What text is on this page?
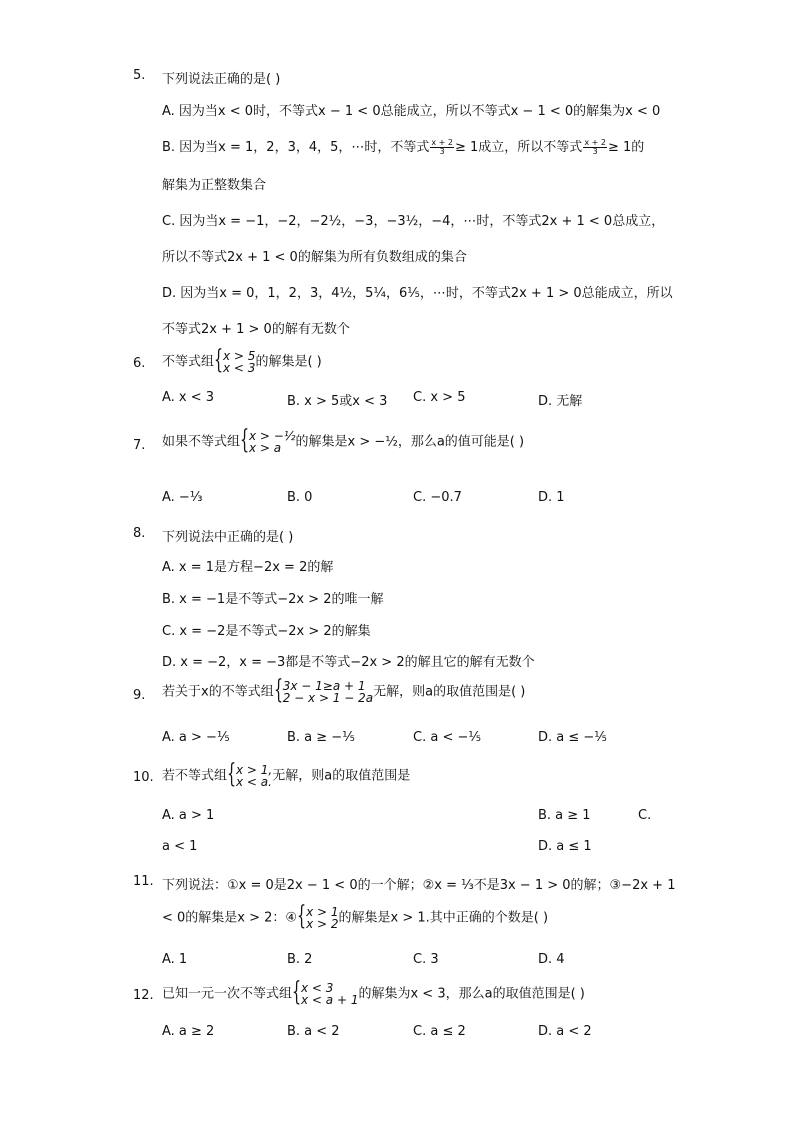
5.	下列说法正确的是( )
A. 因为当x < 0时，不等式x − 1 < 0总能成立，所以不等式x − 1 < 0的解集为x < 0
B. 因为当x = 1，2，3，4，5，⋯时，不等式 $\frac{x + 2}{3} \ge 1$成立，所以不等式 $\frac{x + 2}{3} \ge 1$的
解集为正整数集合
C. 因为当x = −1，−2，−2½，−3，−3½，−4，⋯时，不等式2x + 1 < 0总成立，
所以不等式2x + 1 < 0的解集为所有负数组成的集合
D. 因为当x = 0，1，2，3，4½，5¼，6⅕，⋯时，不等式2x + 1 > 0总能成立，所以
不等式2x + 1 > 0的解有无数个
6.	不等式组 { x > 5
x < 3 的解集是( )
A. x < 3	B. x > 5或x < 3 C. x > 5	D. 无解
7.	如果不等式组 { x > −½
x > a	的解集是x > −½，那么a的值可能是( )
A. −⅓	B. 0	C. −0.7	D. 1
8.	下列说法中正确的是( )
A. x = 1是方程−2x = 2的解
B. x = −1是不等式−2x > 2的唯一解
C. x = −2是不等式−2x > 2的解集
D. x = −2，x = −3都是不等式−2x > 2的解且它的解有无数个
9.	若关于x的不等式组 { 3x − 1≥a + 1
2 − x > 1 − 2a 无解，则a的取值范围是( )
A. a > −⅕	B. a ≥ −⅕	C. a < −⅕	D. a ≤ −⅕
10. 若不等式组 { x > 1,
x < a. 无解，则a的取值范围是
A. a > 1	B. a ≥ 1	C.
a < 1	D. a ≤ 1
11. 下列说法：①x = 0是2x − 1 < 0的一个解；②x = ⅓不是3x − 1 > 0的解；③−2x + 1
< 0的解集是x > 2：④ { x > 1
x > 2 的解集是x > 1.其中正确的个数是( )
A. 1	B. 2	C. 3	D. 4
12. 已知一元一次不等式组 { x < 3
x < a + 1 的解集为x < 3，那么a的取值范围是( )
A. a ≥ 2	B. a < 2	C. a ≤ 2	D. a < 2
